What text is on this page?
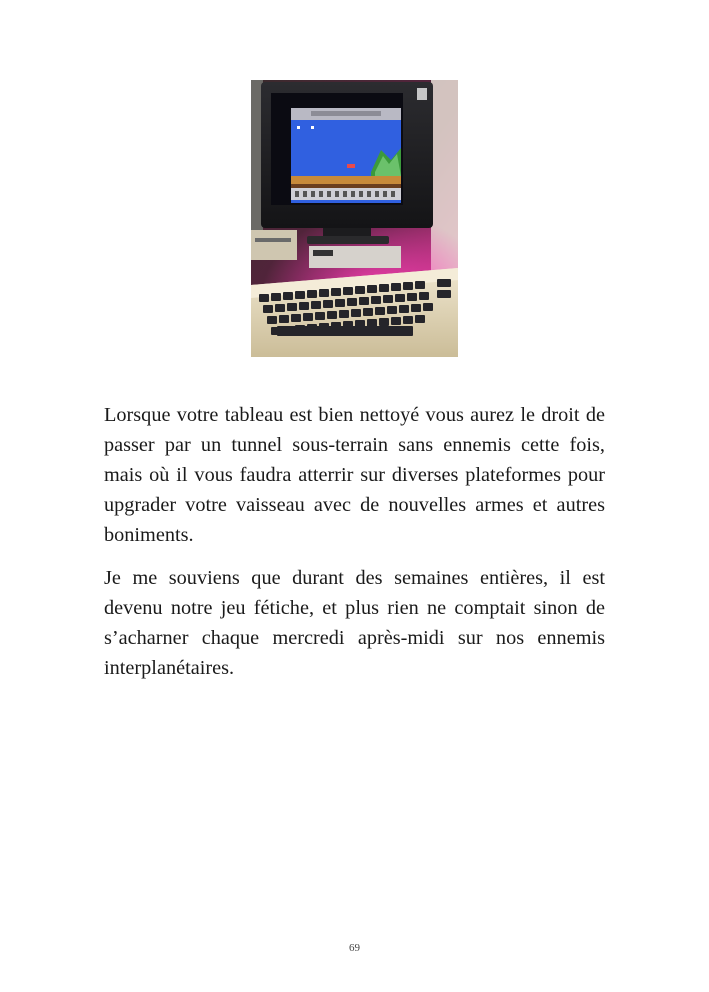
Lorsque votre tableau est bien nettoyé vous aurez le droit de passer par un tunnel sous-terrain sans ennemis cette fois, mais où il vous faudra atterrir sur diverses plateformes pour upgrader votre vaisseau avec de nouvelles armes et autres boniments.

Je me souviens que durant des semaines entières, il est devenu notre jeu fétiche, et plus rien ne comptait sinon de s’acharner chaque mercredi après-midi sur nos ennemis interplanétaires.

69
